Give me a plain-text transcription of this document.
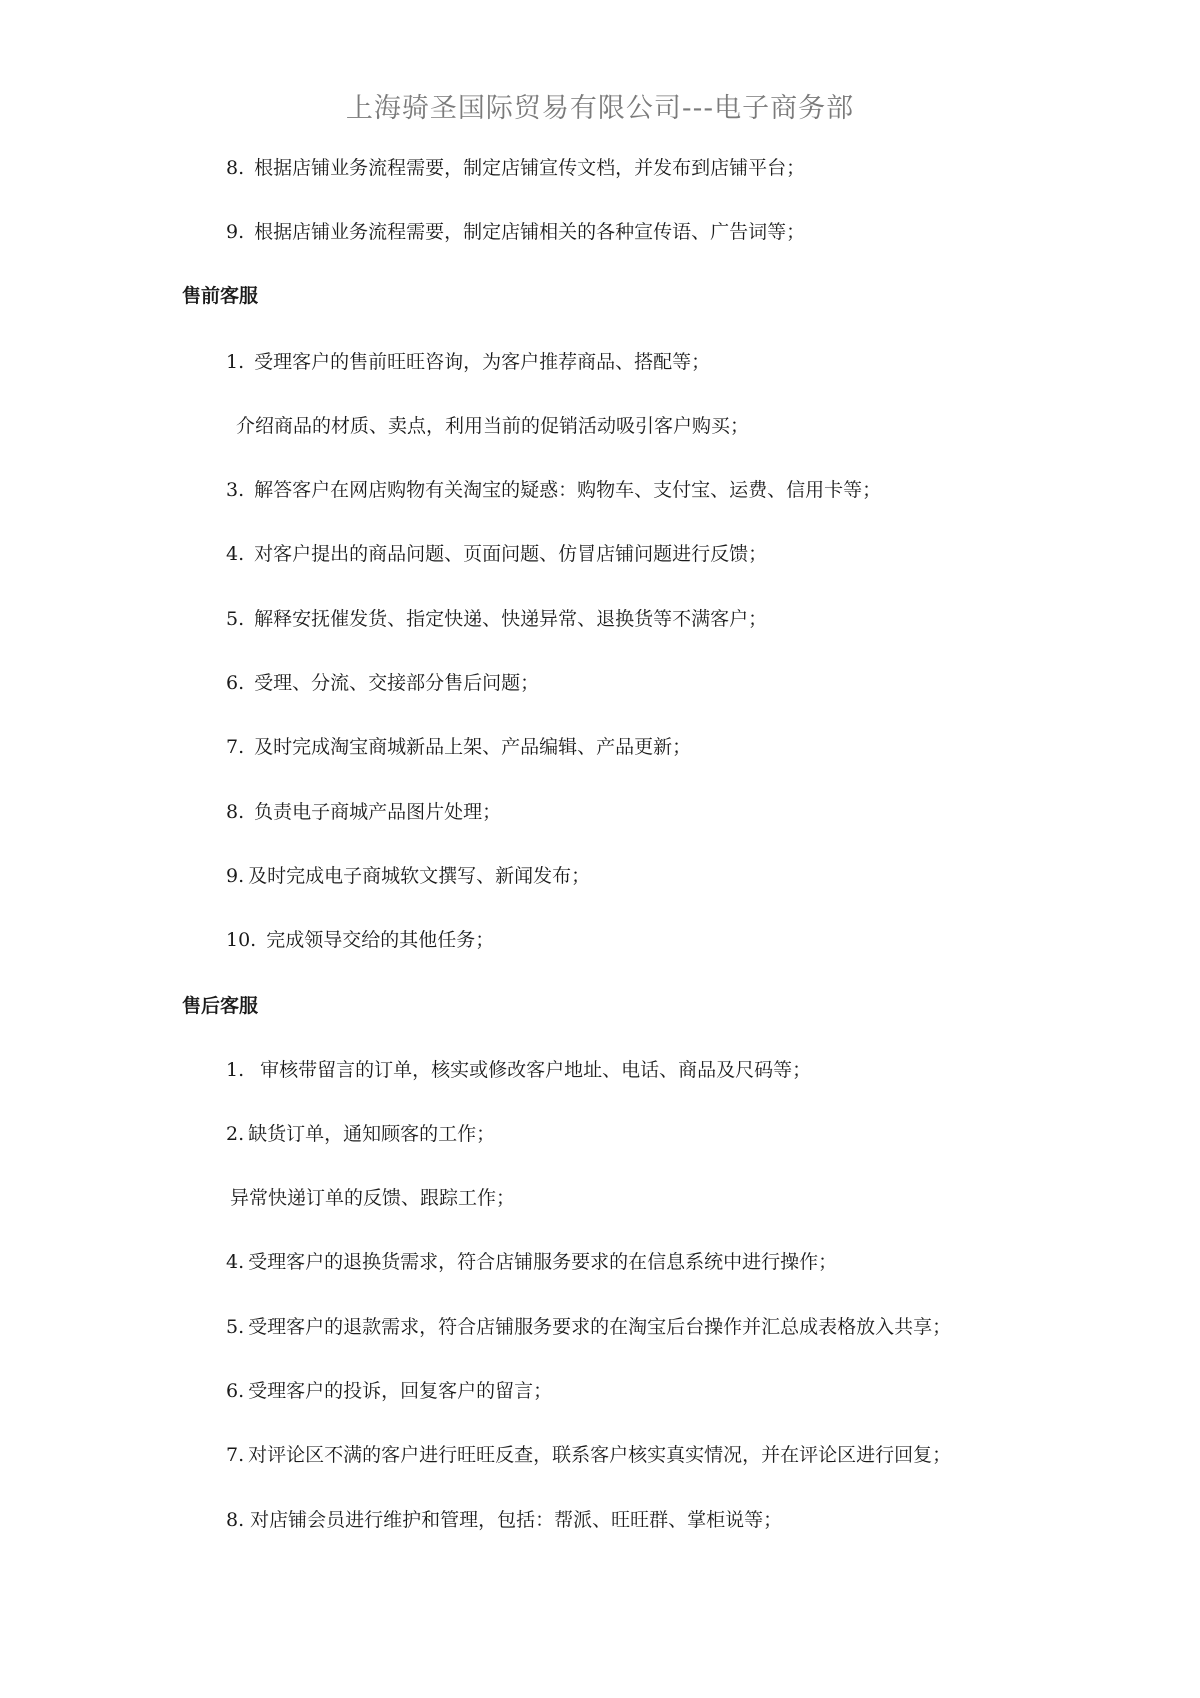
上海骑圣国际贸易有限公司---电子商务部
8. 根据店铺业务流程需要，制定店铺宣传文档，并发布到店铺平台；
9. 根据店铺业务流程需要，制定店铺相关的各种宣传语、广告词等；
售前客服
1. 受理客户的售前旺旺咨询，为客户推荐商品、搭配等；
介绍商品的材质、卖点，利用当前的促销活动吸引客户购买；
3. 解答客户在网店购物有关淘宝的疑惑：购物车、支付宝、运费、信用卡等；
4. 对客户提出的商品问题、页面问题、仿冒店铺问题进行反馈；
5. 解释安抚催发货、指定快递、快递异常、退换货等不满客户；
6. 受理、分流、交接部分售后问题；
7. 及时完成淘宝商城新品上架、产品编辑、产品更新；
8. 负责电子商城产品图片处理；
9. 及时完成电子商城软文撰写、新闻发布；
10. 完成领导交给的其他任务；
售后客服
1. 审核带留言的订单，核实或修改客户地址、电话、商品及尺码等；
2. 缺货订单，通知顾客的工作；
异常快递订单的反馈、跟踪工作；
4. 受理客户的退换货需求，符合店铺服务要求的在信息系统中进行操作；
5. 受理客户的退款需求，符合店铺服务要求的在淘宝后台操作并汇总成表格放入共享；
6. 受理客户的投诉，回复客户的留言；
7. 对评论区不满的客户进行旺旺反查，联系客户核实真实情况，并在评论区进行回复；
8. 对店铺会员进行维护和管理，包括：帮派、旺旺群、掌柜说等；
